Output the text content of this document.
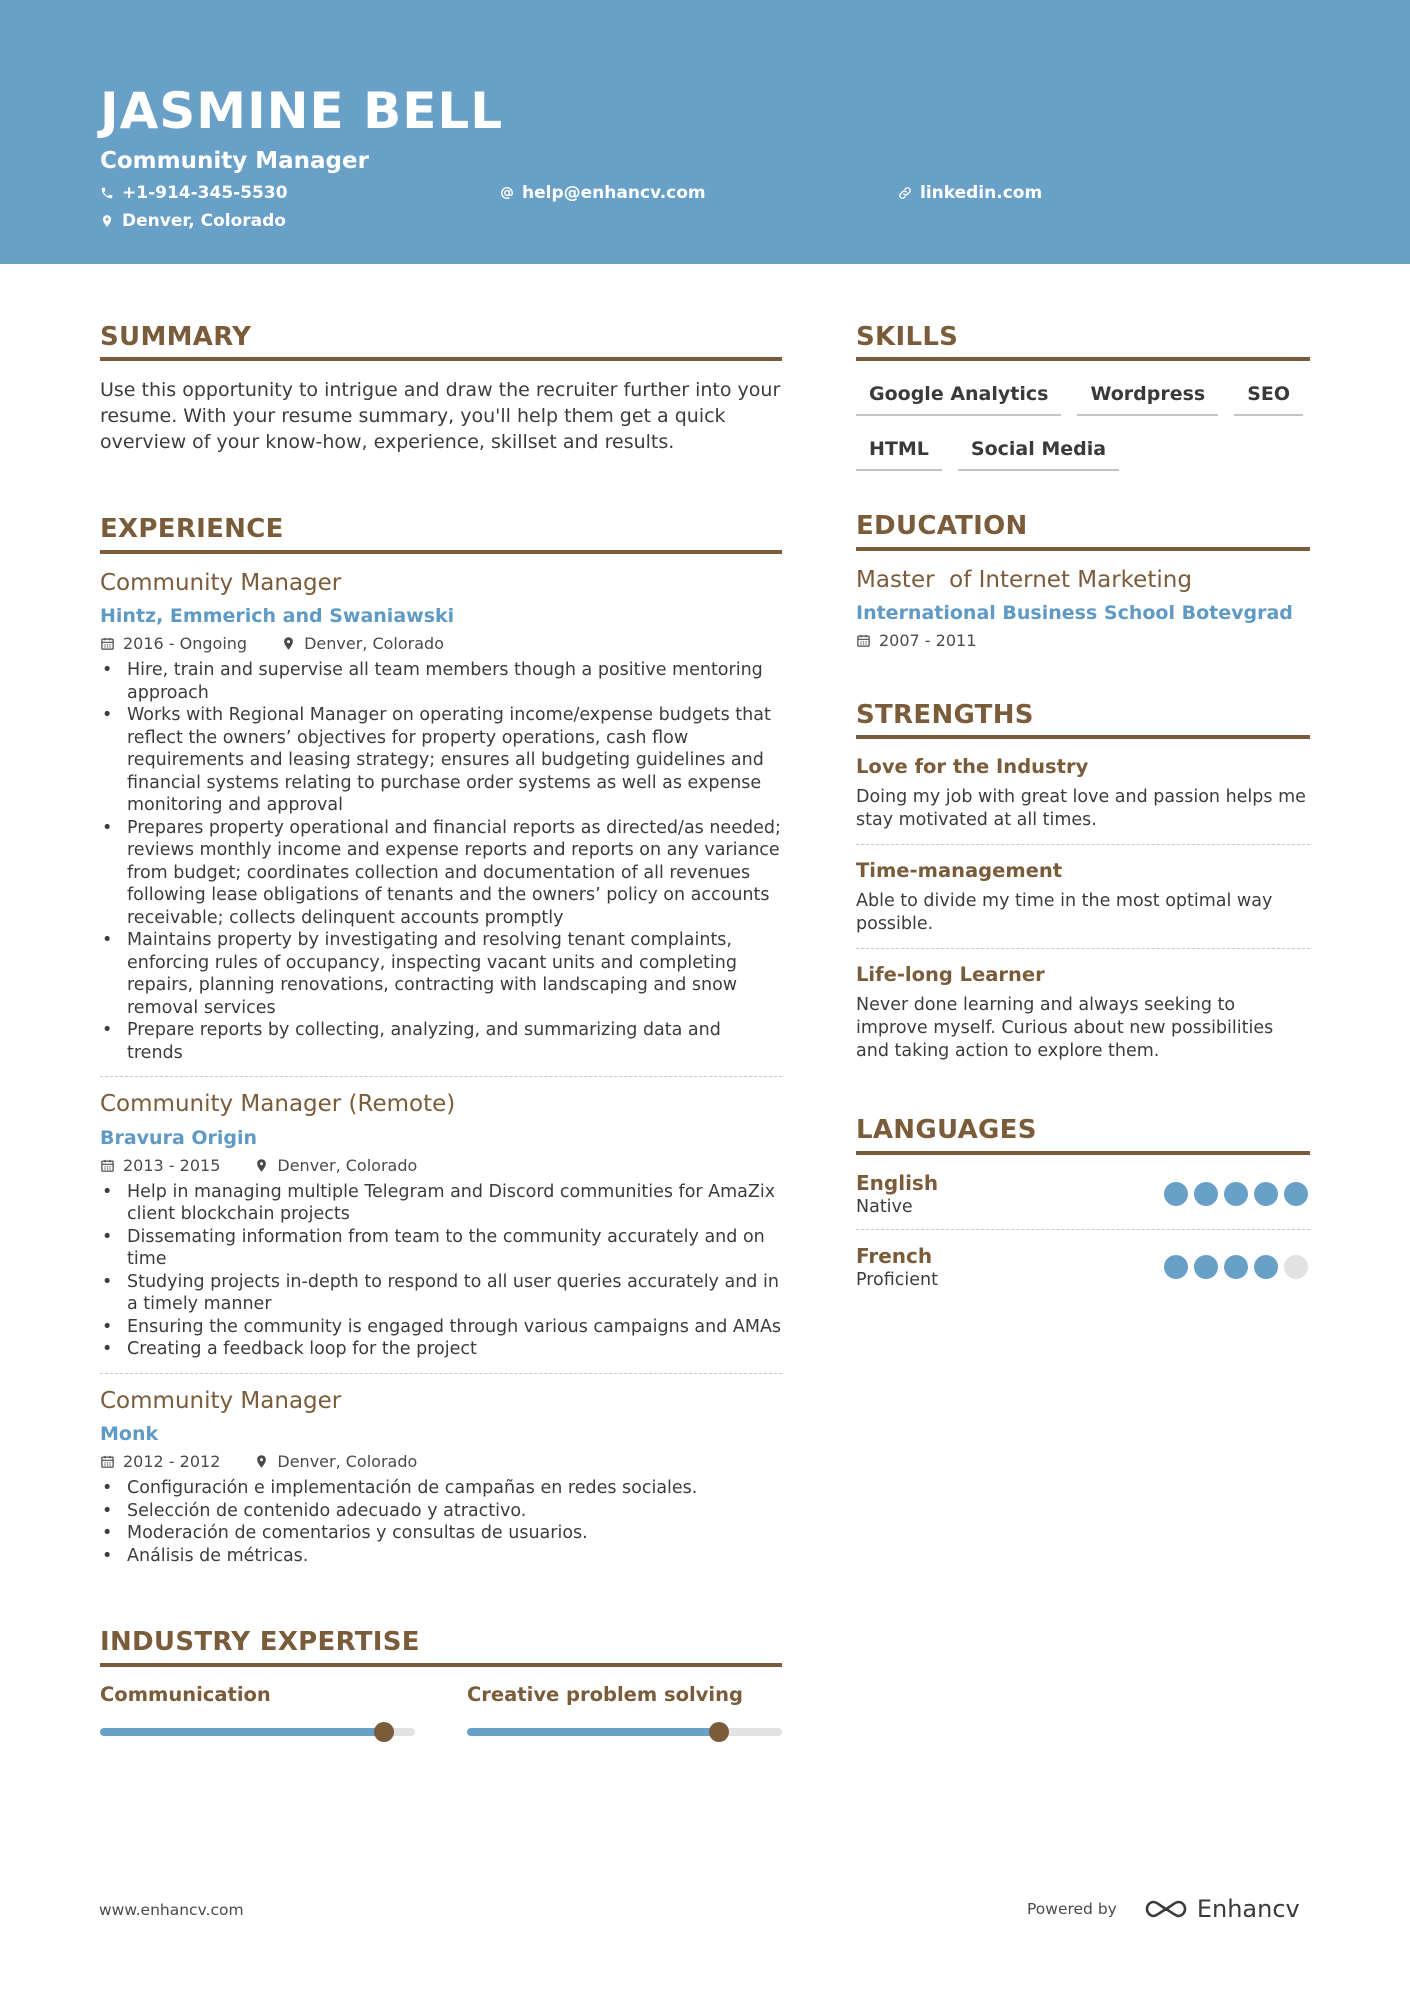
JASMINE BELL
Community Manager
+1-914-345-5530	help@enhancv.com	linkedin.com
Denver, Colorado
SUMMARY

Use this opportunity to intrigue and draw the recruiter further into your resume. With your resume summary, you'll help them get a quick overview of your know-how, experience, skillset and results.

EXPERIENCE
Community Manager
Hintz, Emmerich and Swaniawski
2016 - Ongoing	Denver, Colorado
• Hire, train and supervise all team members though a positive mentoring approach
• Works with Regional Manager on operating income/expense budgets that reflect the owners’ objectives for property operations, cash flow requirements and leasing strategy; ensures all budgeting guidelines and financial systems relating to purchase order systems as well as expense monitoring and approval
• Prepares property operational and financial reports as directed/as needed; reviews monthly income and expense reports and reports on any variance from budget; coordinates collection and documentation of all revenues following lease obligations of tenants and the owners’ policy on accounts receivable; collects delinquent accounts promptly
• Maintains property by investigating and resolving tenant complaints, enforcing rules of occupancy, inspecting vacant units and completing repairs, planning renovations, contracting with landscaping and snow removal services
• Prepare reports by collecting, analyzing, and summarizing data and trends
Community Manager (Remote)
Bravura Origin
2013 - 2015	Denver, Colorado
• Help in managing multiple Telegram and Discord communities for AmaZix client blockchain projects
• Dissemating information from team to the community accurately and on time
• Studying projects in-depth to respond to all user queries accurately and in a timely manner
• Ensuring the community is engaged through various campaigns and AMAs
• Creating a feedback loop for the project
Community Manager
Monk
2012 - 2012	Denver, Colorado
• Configuración e implementación de campañas en redes sociales.
• Selección de contenido adecuado y atractivo.
• Moderación de comentarios y consultas de usuarios.
• Análisis de métricas.
INDUSTRY EXPERTISE
Communication	Creative problem solving
SKILLS
Google Analytics	Wordpress	SEO
HTML	Social Media
EDUCATION
Master  of Internet Marketing
International Business School Botevgrad
2007 - 2011
STRENGTHS
Love for the Industry
Doing my job with great love and passion helps me stay motivated at all times.
Time-management
Able to divide my time in the most optimal way possible.
Life-long Learner
Never done learning and always seeking to improve myself. Curious about new possibilities and taking action to explore them.
LANGUAGES
English
Native
French
Proficient
www.enhancv.com	Powered by	Enhancv
